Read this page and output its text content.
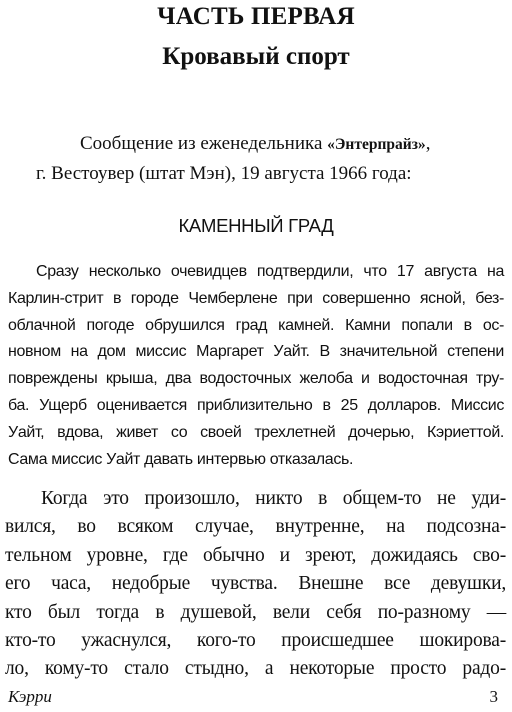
ЧАСТЬ ПЕРВАЯ
Кровавый спорт
Сообщение из еженедельника «Энтерпрайз»,
г. Вестоувер (штат Мэн), 19 августа 1966 года:
КАМЕННЫЙ ГРАД
Сразу несколько очевидцев подтвердили, что 17 августа на
Карлин-стрит в городе Чемберлене при совершенно ясной, без-
облачной погоде обрушился град камней. Камни попали в ос-
новном на дом миссис Маргарет Уайт. В значительной степени
повреждены крыша, два водосточных желоба и водосточная тру-
ба. Ущерб оценивается приблизительно в 25 долларов. Миссис
Уайт, вдова, живет со своей трехлетней дочерью, Кэриеттой.
Сама миссис Уайт давать интервью отказалась.
Когда это произошло, никто в общем-то не уди-
вился, во всяком случае, внутренне, на подсозна-
тельном уровне, где обычно и зреют, дожидаясь сво-
его часа, недобрые чувства. Внешне все девушки,
кто был тогда в душевой, вели себя по-разному —
кто-то ужаснулся, кого-то происшедшее шокирова-
ло, кому-то стало стыдно, а некоторые просто радо-
Кэрри	3
